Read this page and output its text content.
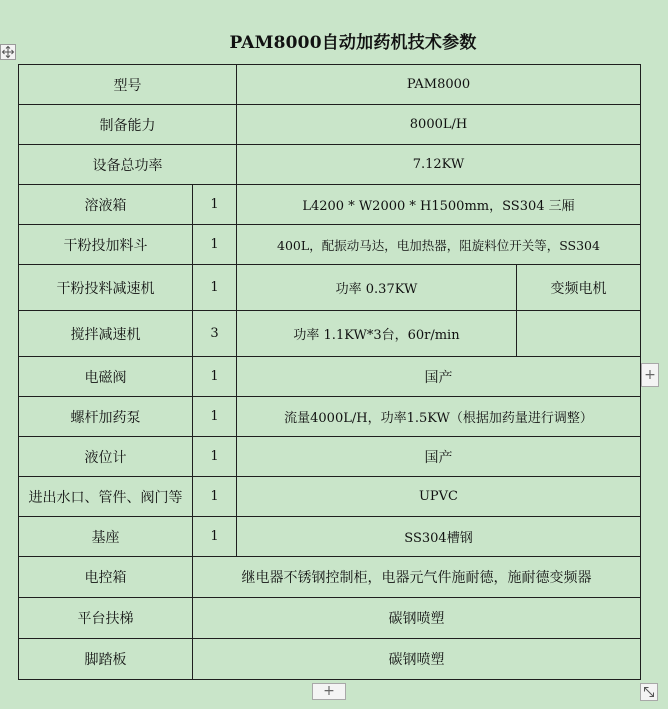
PAM8000自动加药机技术参数
型号		PAM8000	
制备能力		8000L/H	
设备总功率		7.12KW	
溶液箱	1	L4200 * W2000 * H1500mm，SS304 三厢	
干粉投加料斗	1	400L，配振动马达，电加热器，阻旋料位开关等，SS304	
干粉投料减速机	1	功率 0.37KW	变频电机
搅拌减速机	3	功率 1.1KW*3台，60r/min	
电磁阀	1	国产	
螺杆加药泵	1	流量4000L/H，功率1.5KW（根据加药量进行调整）	
液位计	1	国产	
进出水口、管件、阀门等	1	UPVC	
基座	1	SS304槽钢	
电控箱	继电器不锈钢控制柜，电器元气件施耐德，施耐德变频器		
平台扶梯	碳钢喷塑		
脚踏板	碳钢喷塑		
+
+
